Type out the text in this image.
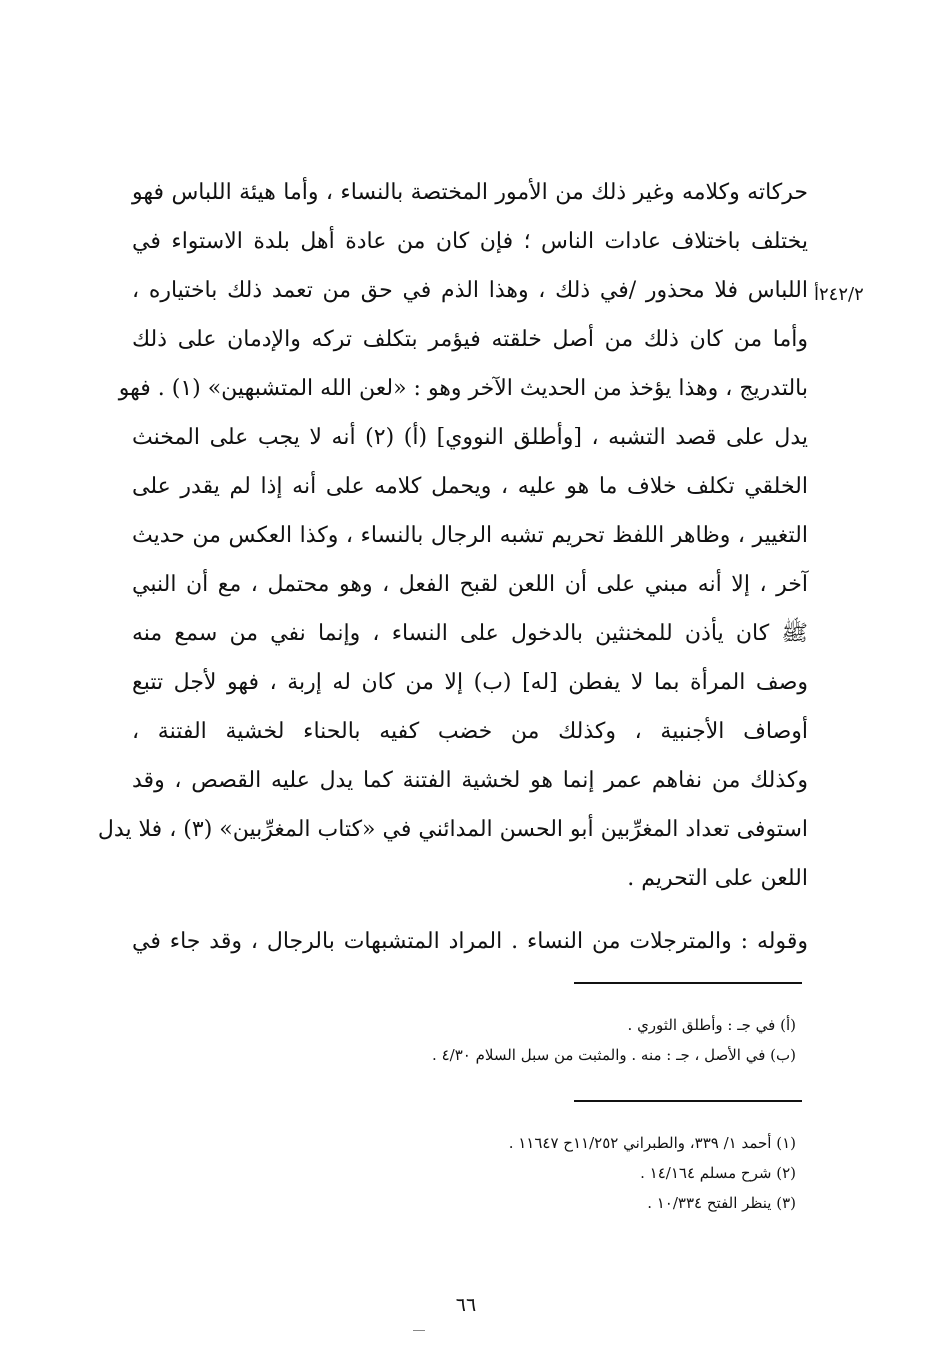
٢٤٢/٢أ
حركاته وكلامه وغير ذلك من الأمور المختصة بالنساء ، وأما هيئة اللباس فهو
يختلف باختلاف عادات الناس ؛ فإن كان من عادة أهل بلدة الاستواء في
اللباس فلا محذور /في ذلك ، وهذا الذم في حق من تعمد ذلك باختياره ،
وأما من كان ذلك من أصل خلقته فيؤمر بتكلف تركه والإدمان على ذلك
بالتدريج ، وهذا يؤخذ من الحديث الآخر وهو : «لعن الله المتشبهين» (١) . فهو
يدل على قصد التشبه ، [وأطلق النووي] (أ) (٢) أنه لا يجب على المخنث
الخلقي تكلف خلاف ما هو عليه ، ويحمل كلامه على أنه إذا لم يقدر على
التغيير ، وظاهر اللفظ تحريم تشبه الرجال بالنساء ، وكذا العكس من حديث
آخر ، إلا أنه مبني على أن اللعن لقبح الفعل ، وهو محتمل ، مع أن النبي
ﷺ كان يأذن للمخنثين بالدخول على النساء ، وإنما نفي من سمع منه
وصف المرأة بما لا يفطن [له] (ب) إلا من كان له إربة ، فهو لأجل تتبع
أوصاف الأجنبية ، وكذلك من خضب كفيه بالحناء لخشية الفتنة ،
وكذلك من نفاهم عمر إنما هو لخشية الفتنة كما يدل عليه القصص ، وقد
استوفى تعداد المغرِّبين أبو الحسن المدائني في «كتاب المغرِّبين» (٣) ، فلا يدل
اللعن على التحريم .
وقوله : والمترجلات من النساء . المراد المتشبهات بالرجال ، وقد جاء في
(أ) في جـ : وأطلق الثوري .
(ب) في الأصل ، جـ : منه . والمثبت من سبل السلام ٤/٣٠ .
(١) أحمد ١/ ٣٣٩، والطبراني ١١/٢٥٢ح ١١٦٤٧ .
(٢) شرح مسلم ١٤/١٦٤ .
(٣) ينظر الفتح ١٠/٣٣٤ .
٦٦
